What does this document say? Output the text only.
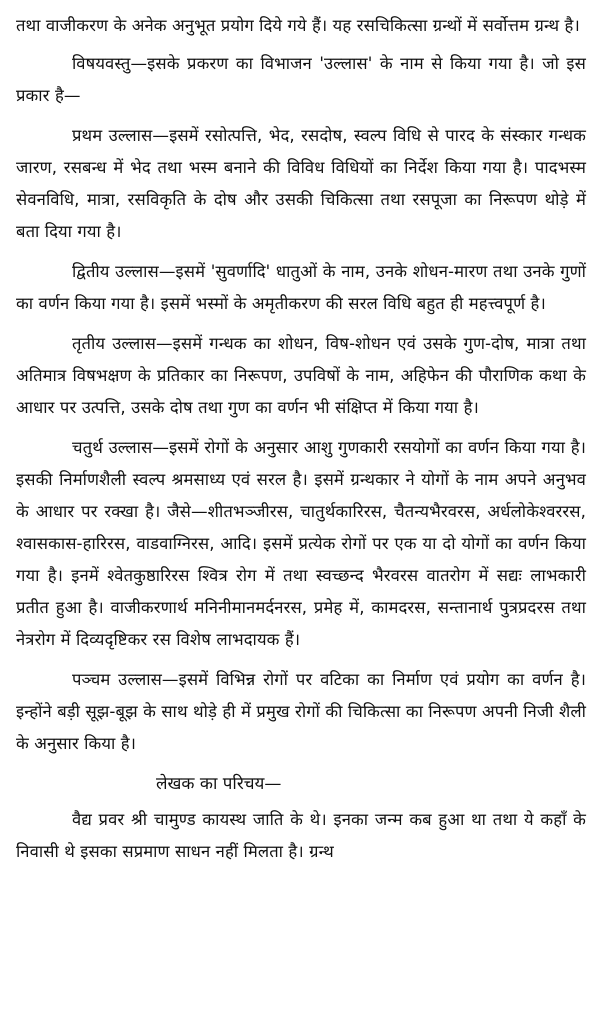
तथा वाजीकरण के अनेक अनुभूत प्रयोग दिये गये हैं। यह रसचिकित्सा ग्रन्थों में सर्वोत्तम ग्रन्थ है।

विषयवस्तु—इसके प्रकरण का विभाजन 'उल्लास' के नाम से किया गया है। जो इस प्रकार है—

प्रथम उल्लास—इसमें रसोत्पत्ति, भेद, रसदोष, स्वल्प विधि से पारद के संस्कार गन्धक जारण, रसबन्ध में भेद तथा भस्म बनाने की विविध विधियों का निर्देश किया गया है। पादभस्म सेवनविधि, मात्रा, रसविकृति के दोष और उसकी चिकित्सा तथा रसपूजा का निरूपण थोड़े में बता दिया गया है।

द्वितीय उल्लास—इसमें 'सुवर्णादि' धातुओं के नाम, उनके शोधन-मारण तथा उनके गुणों का वर्णन किया गया है। इसमें भस्मों के अमृतीकरण की सरल विधि बहुत ही महत्त्वपूर्ण है।

तृतीय उल्लास—इसमें गन्धक का शोधन, विष-शोधन एवं उसके गुण-दोष, मात्रा तथा अतिमात्र विषभक्षण के प्रतिकार का निरूपण, उपविषों के नाम, अहिफेन की पौराणिक कथा के आधार पर उत्पत्ति, उसके दोष तथा गुण का वर्णन भी संक्षिप्त में किया गया है।

चतुर्थ उल्लास—इसमें रोगों के अनुसार आशु गुणकारी रसयोगों का वर्णन किया गया है। इसकी निर्माणशैली स्वल्प श्रमसाध्य एवं सरल है। इसमें ग्रन्थकार ने योगों के नाम अपने अनुभव के आधार पर रक्खा है। जैसे—शीतभञ्जीरस, चातुर्थकारिरस, चैतन्यभैरवरस, अर्धलोकेश्वररस, श्वासकास-हारिरस, वाडवाग्निरस, आदि। इसमें प्रत्येक रोगों पर एक या दो योगों का वर्णन किया गया है। इनमें श्वेतकुष्ठारिरस श्वित्र रोग में तथा स्वच्छन्द भैरवरस वातरोग में सद्यः लाभकारी प्रतीत हुआ है। वाजीकरणार्थ मनिनीमानमर्दनरस, प्रमेह में, कामदरस, सन्तानार्थ पुत्रप्रदरस तथा नेत्ररोग में दिव्यदृष्टिकर रस विशेष लाभदायक हैं।

पञ्चम उल्लास—इसमें विभिन्न रोगों पर वटिका का निर्माण एवं प्रयोग का वर्णन है। इन्होंने बड़ी सूझ-बूझ के साथ थोड़े ही में प्रमुख रोगों की चिकित्सा का निरूपण अपनी निजी शैली के अनुसार किया है।

लेखक का परिचय—

वैद्य प्रवर श्री चामुण्ड कायस्थ जाति के थे। इनका जन्म कब हुआ था तथा ये कहाँ के निवासी थे इसका सप्रमाण साधन नहीं मिलता है। ग्रन्थ
